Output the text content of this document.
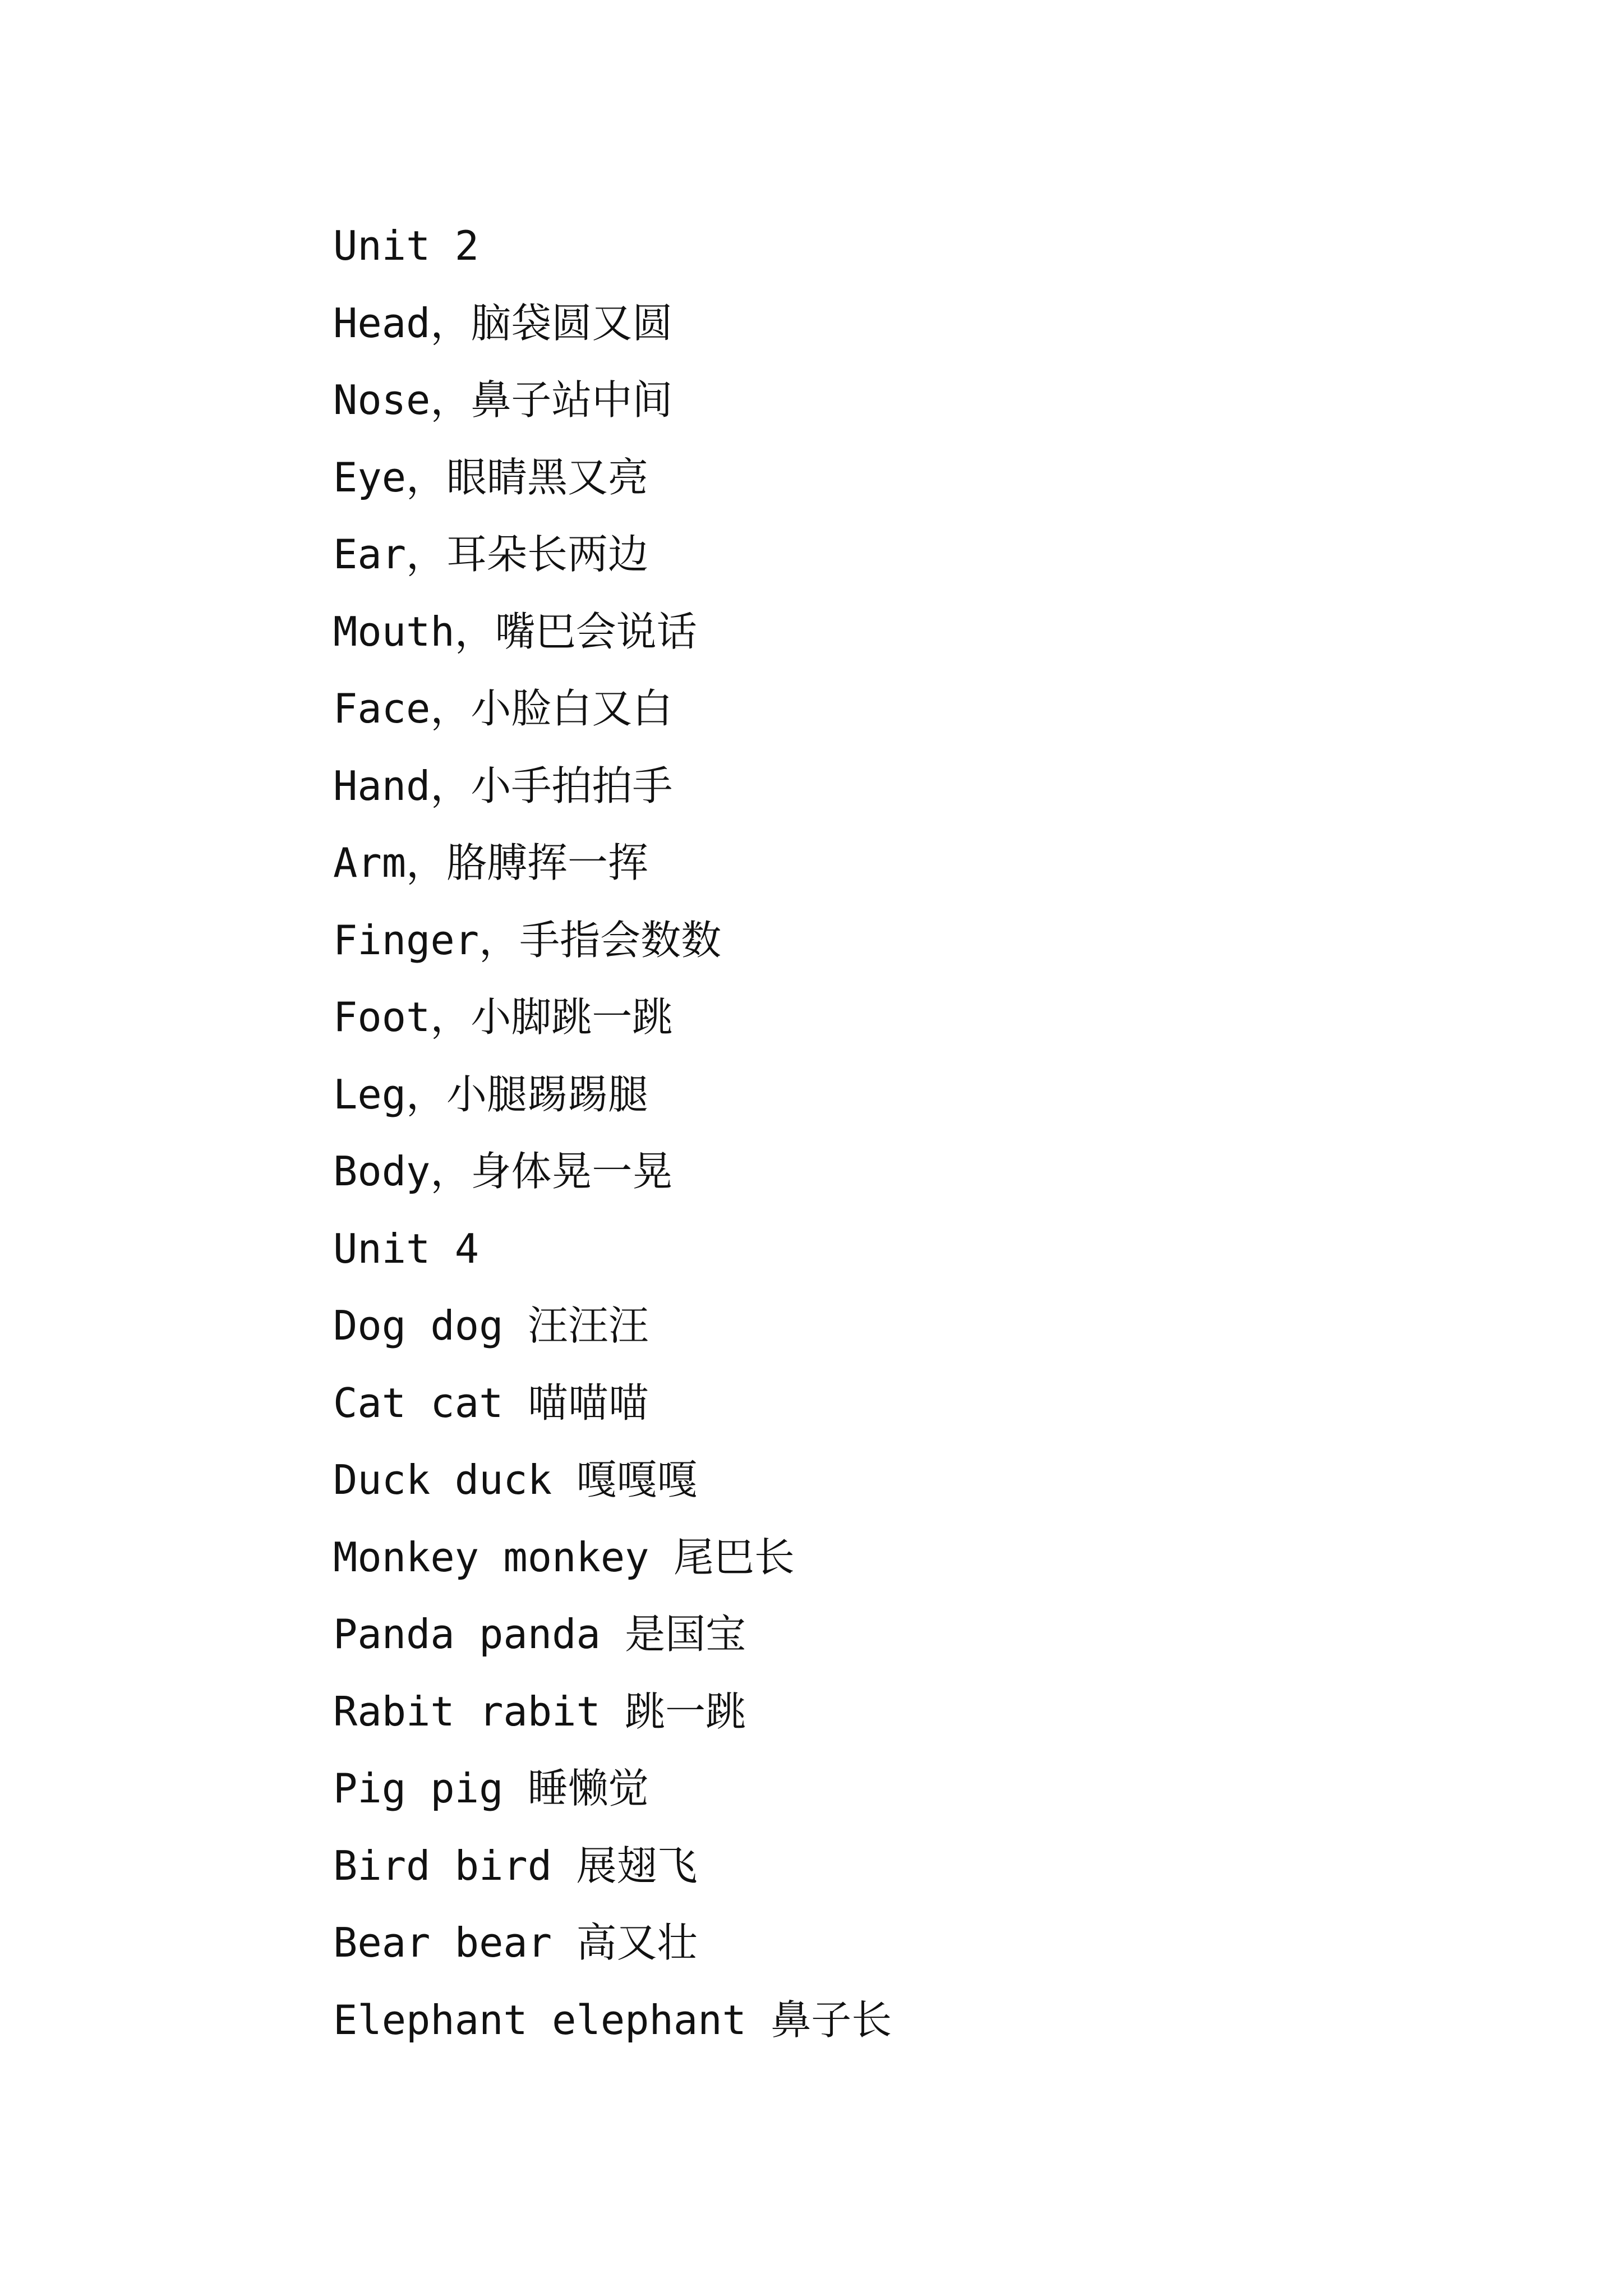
Unit 2
Head，脑袋圆又圆
Nose，鼻子站中间
Eye，眼睛黑又亮
Ear，耳朵长两边
Mouth，嘴巴会说话
Face，小脸白又白
Hand，小手拍拍手
Arm，胳膊挥一挥
Finger，手指会数数
Foot，小脚跳一跳
Leg，小腿踢踢腿
Body，身体晃一晃
Unit 4
Dog dog 汪汪汪
Cat cat 喵喵喵
Duck duck 嘎嘎嘎
Monkey monkey 尾巴长
Panda panda 是国宝
Rabit rabit 跳一跳
Pig pig 睡懒觉
Bird bird 展翅飞
Bear bear 高又壮
Elephant elephant 鼻子长
